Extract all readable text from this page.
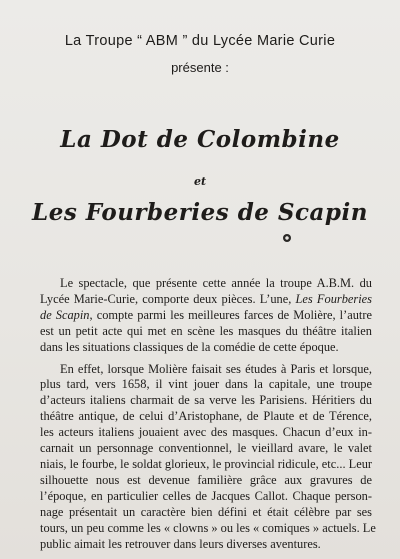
La Troupe “ ABM ” du Lycée Marie Curie
présente :
La Dot de Colombine
et
Les Fourberies de Scapin
Le spectacle, que présente cette année la troupe A.B.M. du
Lycée Marie-Curie, comporte deux pièces. L’une, Les Fourberies
de Scapin, compte parmi les meilleures farces de Molière, l’autre
est un petit acte qui met en scène les masques du théâtre italien
dans les situations classiques de la comédie de cette époque.
En effet, lorsque Molière faisait ses études à Paris et lorsque,
plus tard, vers 1658, il vint jouer dans la capitale, une troupe
d’acteurs italiens charmait de sa verve les Parisiens. Héritiers du
théâtre antique, de celui d’Aristophane, de Plaute et de Térence,
les acteurs italiens jouaient avec des masques. Chacun d’eux in-
carnait un personnage conventionnel, le vieillard avare, le valet
niais, le fourbe, le soldat glorieux, le provincial ridicule, etc... Leur
silhouette nous est devenue familière grâce aux gravures de
l’époque, en particulier celles de Jacques Callot. Chaque person-
nage présentait un caractère bien défini et était célèbre par ses
tours, un peu comme les « clowns » ou les « comiques » actuels. Le
public aimait les retrouver dans leurs diverses aventures.
